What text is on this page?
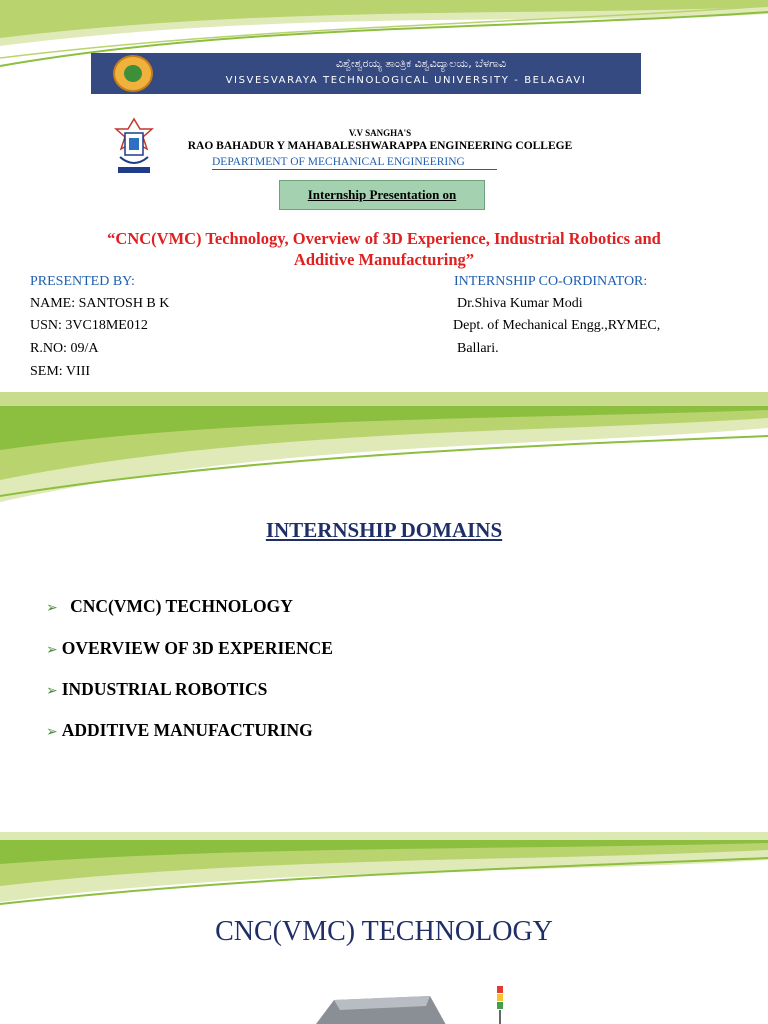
ವಿಶ್ವೇಶ್ವರಯ್ಯ ತಾಂತ್ರಿಕ ವಿಶ್ವವಿದ್ಯಾಲಯ, ಬೆಳಗಾವಿ
VISVESVARAYA TECHNOLOGICAL UNIVERSITY - BELAGAVI
V.V SANGHA'S
RAO BAHADUR Y MAHABALESHWARAPPA ENGINEERING COLLEGE
DEPARTMENT OF MECHANICAL ENGINEERING
Internship Presentation on
“CNC(VMC) Technology, Overview of 3D Experience, Industrial Robotics and
Additive Manufacturing”
PRESENTED BY:
NAME: SANTOSH B K
USN: 3VC18ME012
R.NO: 09/A
SEM: VIII
INTERNSHIP CO-ORDINATOR:
Dr.Shiva Kumar Modi
Dept. of Mechanical Engg.,RYMEC,
Ballari.
INTERNSHIP DOMAINS
➢ CNC(VMC) TECHNOLOGY
➢ OVERVIEW OF 3D EXPERIENCE
➢ INDUSTRIAL ROBOTICS
➢ ADDITIVE MANUFACTURING
CNC(VMC) TECHNOLOGY
